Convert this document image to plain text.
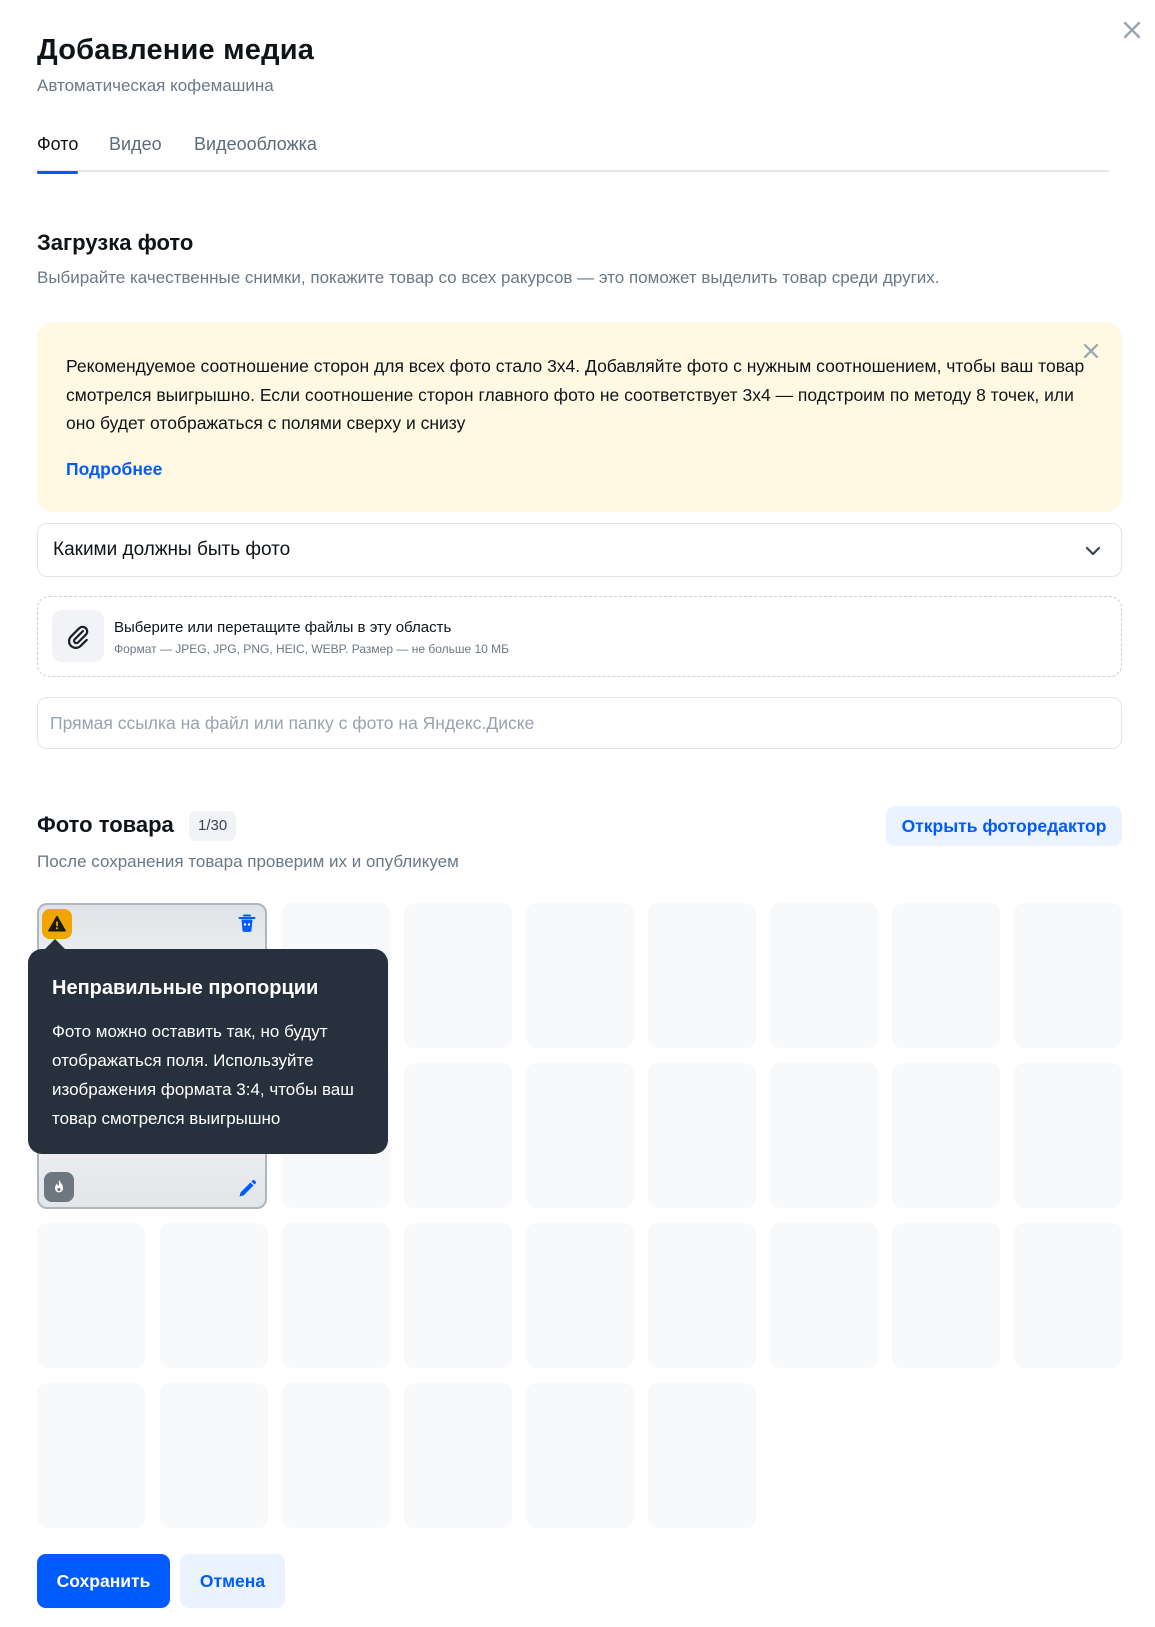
Добавление медиа
Автоматическая кофемашина
Фото Видео Видеообложка
Загрузка фото
Выбирайте качественные снимки, покажите товар со всех ракурсов — это поможет выделить товар среди других.
Рекомендуемое соотношение сторон для всех фото стало 3x4. Добавляйте фото с нужным соотношением, чтобы ваш товар смотрелся выигрышно. Если соотношение сторон главного фото не соответствует 3x4 — подстроим по методу 8 точек, или оно будет отображаться с полями сверху и снизу
Подробнее
Какими должны быть фото
Выберите или перетащите файлы в эту область
Формат — JPEG, JPG, PNG, HEIC, WEBP. Размер — не больше 10 МБ
Прямая ссылка на файл или папку с фото на Яндекс.Диске
Фото товара	1/30	Открыть фоторедактор
После сохранения товара проверим их и опубликуем
Неправильные пропорции
Фото можно оставить так, но будут отображаться поля. Используйте изображения формата 3:4, чтобы ваш товар смотрелся выигрышно
Сохранить	Отмена
